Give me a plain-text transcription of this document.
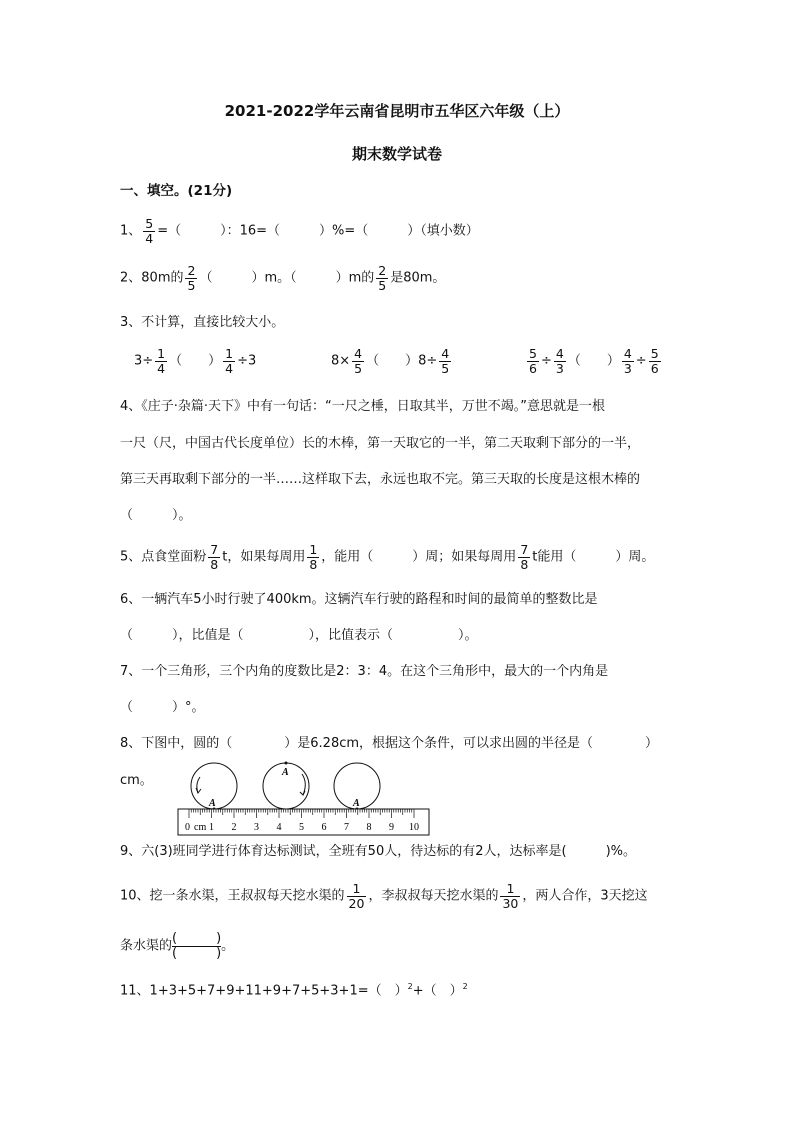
2021-2022学年云南省昆明市五华区六年级（上）
期末数学试卷
一、填空。(21分)
1、 $\frac{5}{4}$ =（　　　）：16=（　　　）%=（　　　）（填小数）
2、80m的 $\frac{2}{5}$ （　　　）m。（　　　）m的 $\frac{2}{5}$ 是80m。
3、不计算，直接比较大小。
$3\div \frac{1}{4}$ （　　） $\frac{1}{4} \div 3$	$8\times \frac{4}{5}$ （　　）$8\div \frac{4}{5}$	$\frac{5}{6} \div \frac{4}{3}$ （　　） $\frac{4}{3} \div \frac{5}{6}$
4、《庄子·杂篇·天下》中有一句话：“一尺之棰，日取其半，万世不竭。”意思就是一根
一尺（尺，中国古代长度单位）长的木棒，第一天取它的一半，第二天取剩下部分的一半，
第三天再取剩下部分的一半……这样取下去，永远也取不完。第三天取的长度是这根木棒的
（　　　）。
5、点食堂面粉 $\frac{7}{8}$ t，如果每周用 $\frac{1}{8}$ ，能用（　　　）周；如果每周用 $\frac{7}{8}$ t能用（　　　）周。
6、一辆汽车5小时行驶了400km。这辆汽车行驶的路程和时间的最简单的整数比是
（　　　），比值是（　　　　　），比值表示（　　　　　）。
7、一个三角形，三个内角的度数比是2：3：4。在这个三角形中，最大的一个内角是
（　　　）°。
8、下图中，圆的（　　　　）是6.28cm，根据这个条件，可以求出圆的半径是（　　　　）
cm。
A
A
A
0 cm 1 2 3 4 5 6 7 8 9 10
9、六(3)班同学进行体育达标测试，全班有50人，待达标的有2人，达标率是(　　　)%。
10、挖一条水渠，王叔叔每天挖水渠的 $\frac{1}{20}$ ，李叔叔每天挖水渠的 $\frac{1}{30}$ ，两人合作，3天挖这
条水渠的 (　　　)
(　　　) 。
11、1+3+5+7+9+11+9+7+5+3+1=（　）$^2$+（　）$^2$
